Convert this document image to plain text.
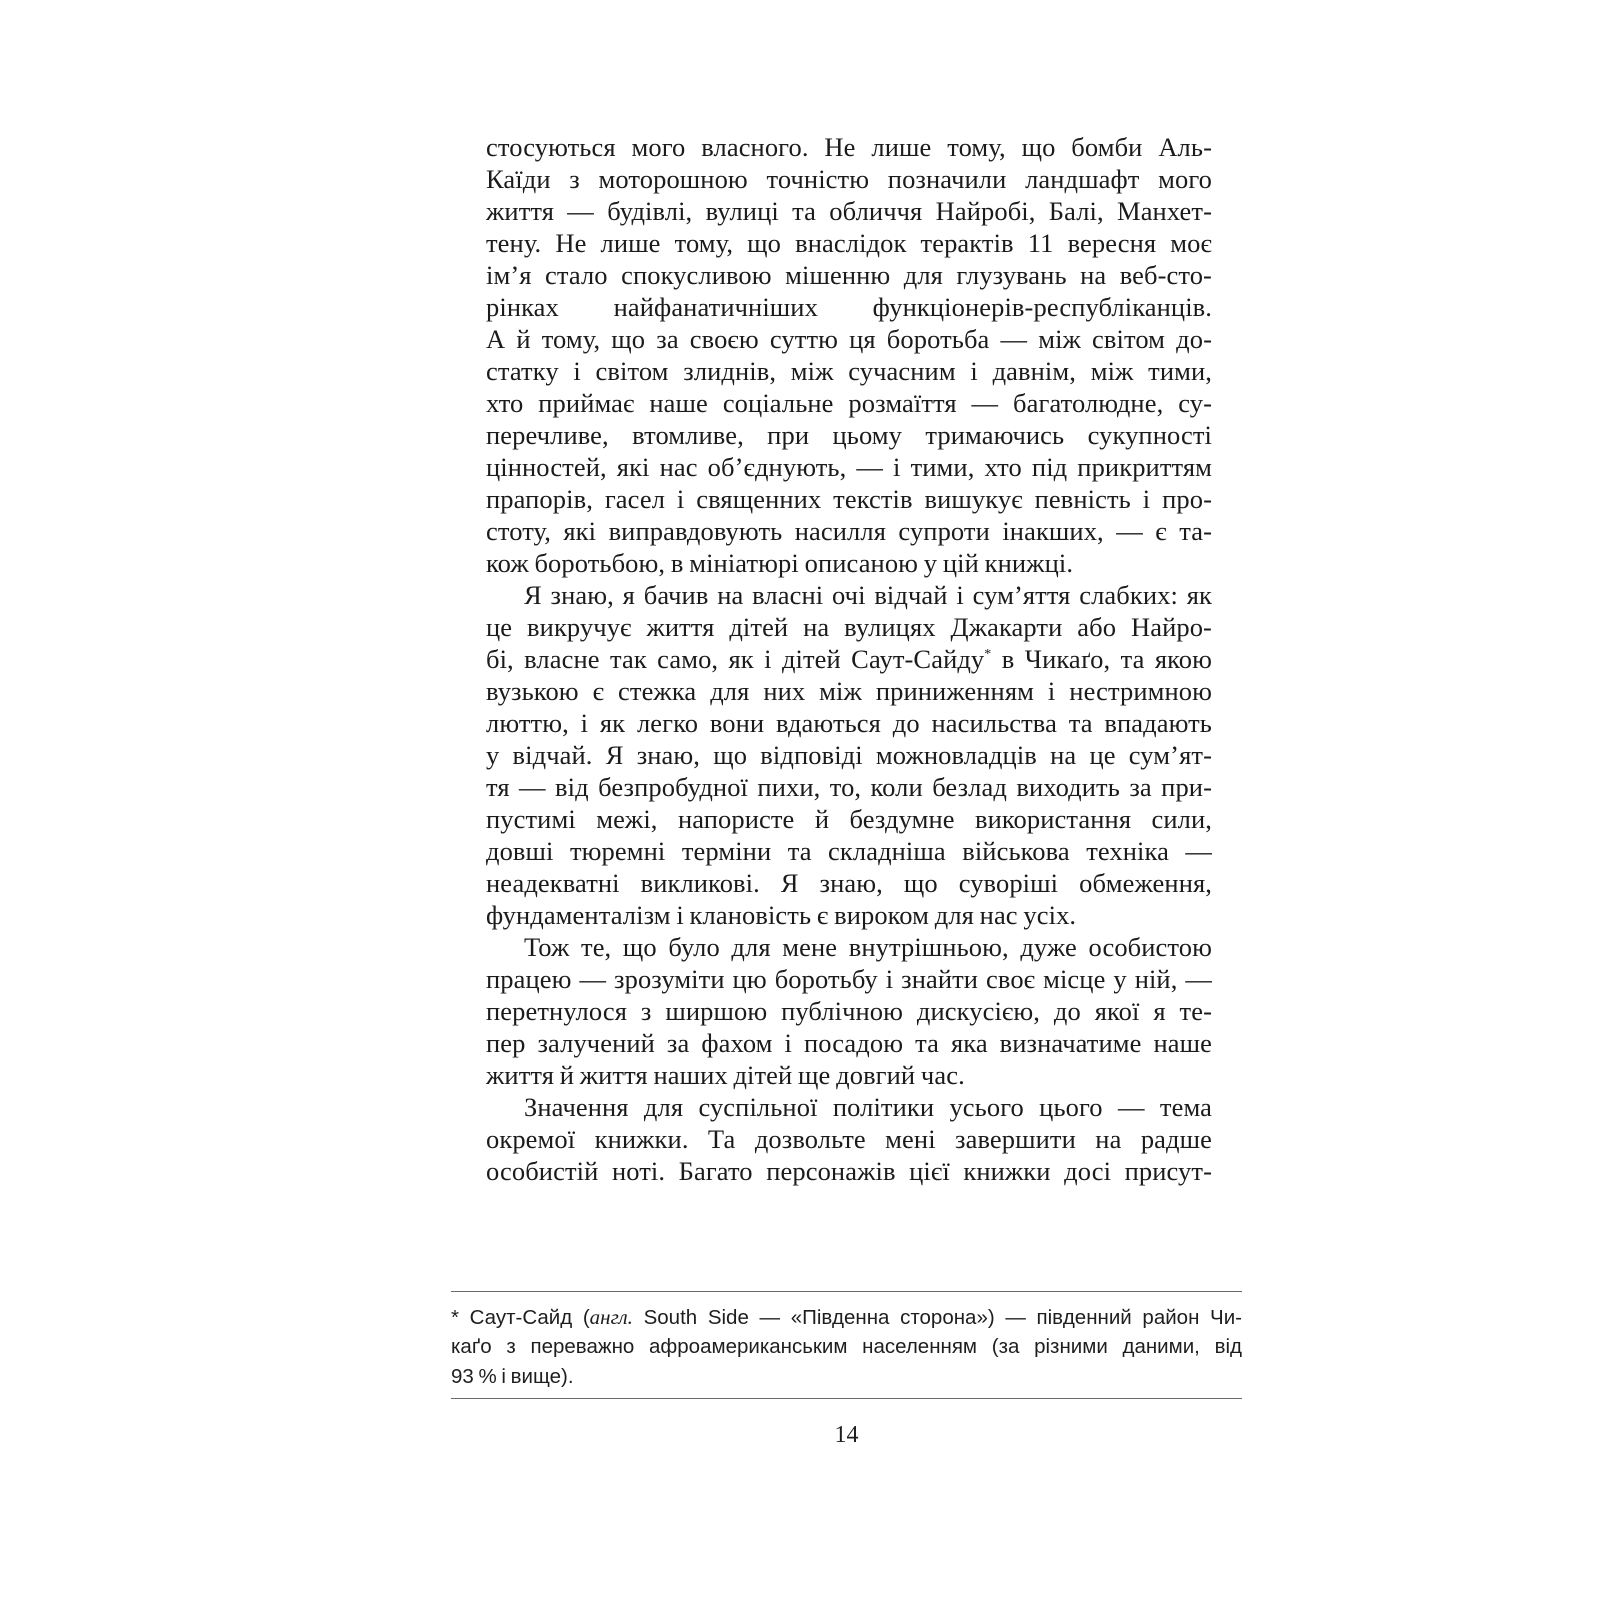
стосуються мого власного. Не лише тому, що бомби Аль-
Каїди з моторошною точністю позначили ландшафт мого
життя — будівлі, вулиці та обличчя Найробі, Балі, Манхет-
тену. Не лише тому, що внаслідок терактів 11 вересня моє
ім’я стало спокусливою мішенню для глузувань на веб-сто-
рінках найфанатичніших функціонерів-республіканців.
А й тому, що за своєю суттю ця боротьба — між світом до-
статку і світом злиднів, між сучасним і давнім, між тими,
хто приймає наше соціальне розмаїття — багатолюдне, су-
перечливе, втомливе, при цьому тримаючись сукупності
цінностей, які нас об’єднують, — і тими, хто під прикриттям
прапорів, гасел і священних текстів вишукує певність і про-
стоту, які виправдовують насилля супроти інакших, — є та-
кож боротьбою, в мініатюрі описаною у цій книжці.
Я знаю, я бачив на власні очі відчай і сум’яття слабких: як
це викручує життя дітей на вулицях Джакарти або Найро-
бі, власне так само, як і дітей Саут-Сайду* в Чикаґо, та якою
вузькою є стежка для них між приниженням і нестримною
люттю, і як легко вони вдаються до насильства та впадають
у відчай. Я знаю, що відповіді можновладців на це сум’ят-
тя — від безпробудної пихи, то, коли безлад виходить за при-
пустимі межі, напористе й бездумне використання сили,
довші тюремні терміни та складніша військова техніка —
неадекватні викликові. Я знаю, що суворіші обмеження,
фундаменталізм і клановість є вироком для нас усіх.
Тож те, що було для мене внутрішньою, дуже особистою
працею — зрозуміти цю боротьбу і знайти своє місце у ній, —
перетнулося з ширшою публічною дискусією, до якої я те-
пер залучений за фахом і посадою та яка визначатиме наше
життя й життя наших дітей ще довгий час.
Значення для суспільної політики усього цього — тема
окремої книжки. Та дозвольте мені завершити на радше
особистій ноті. Багато персонажів цієї книжки досі присут-
* Саут-Сайд (англ. South Side — «Південна сторона») — південний район Чи-
каґо з переважно афроамериканським населенням (за різними даними, від
93 % і вище).
14
